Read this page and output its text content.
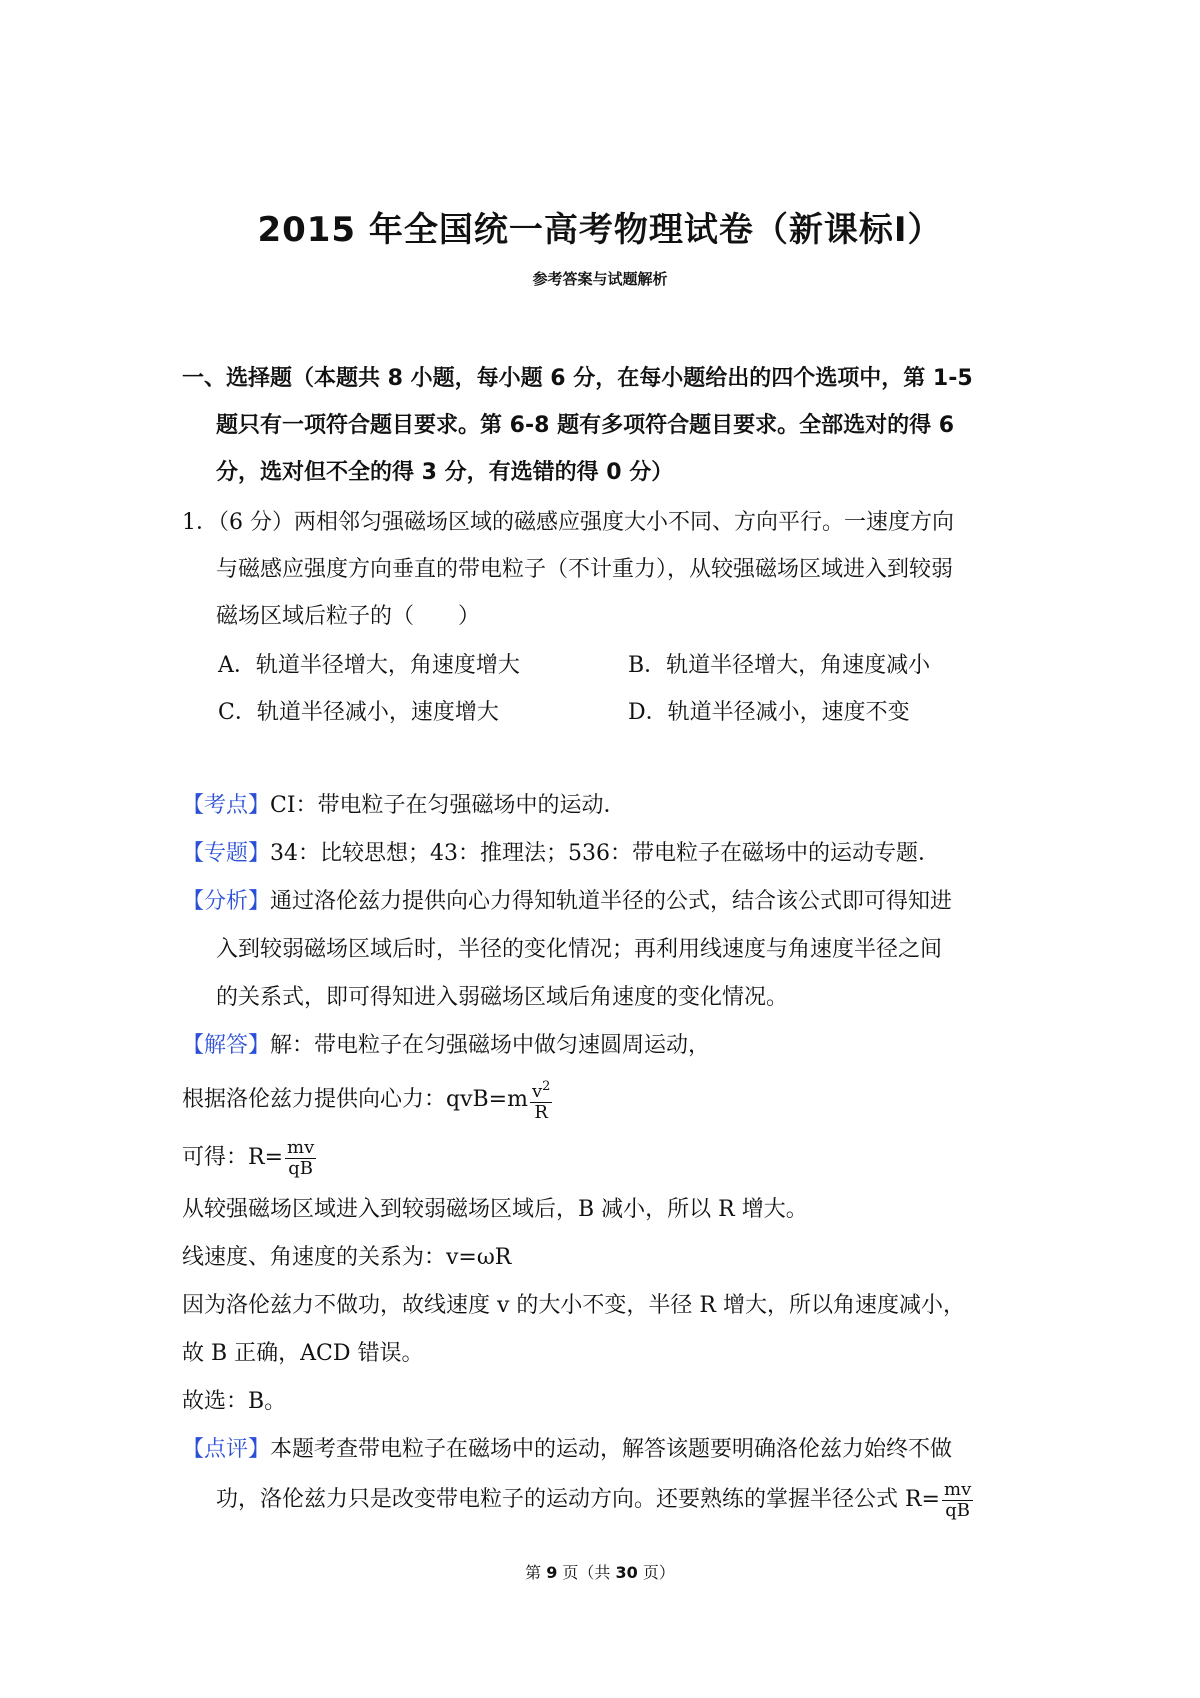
2015 年全国统一高考物理试卷（新课标Ⅰ）
参考答案与试题解析
一、选择题（本题共 8 小题，每小题 6 分，在每小题给出的四个选项中，第 1-5
题只有一项符合题目要求。第 6-8 题有多项符合题目要求。全部选对的得 6
分，选对但不全的得 3 分，有选错的得 0 分）
1．（6 分）两相邻匀强磁场区域的磁感应强度大小不同、方向平行。一速度方向
与磁感应强度方向垂直的带电粒子（不计重力），从较强磁场区域进入到较弱
磁场区域后粒子的（　　）
A．轨道半径增大，角速度增大	B．轨道半径增大，角速度减小
C．轨道半径减小，速度增大	D．轨道半径减小，速度不变
【考点】CI：带电粒子在匀强磁场中的运动．
【专题】34：比较思想；43：推理法；536：带电粒子在磁场中的运动专题．
【分析】通过洛伦兹力提供向心力得知轨道半径的公式，结合该公式即可得知进
入到较弱磁场区域后时，半径的变化情况；再利用线速度与角速度半径之间
的关系式，即可得知进入弱磁场区域后角速度的变化情况。
【解答】解：带电粒子在匀强磁场中做匀速圆周运动，
根据洛伦兹力提供向心力：$qvB=m \frac{v^2}{R}$
可得：$R= \frac{mv}{qB}$
从较强磁场区域进入到较弱磁场区域后，B 减小，所以 R 增大。
线速度、角速度的关系为：v=ωR
因为洛伦兹力不做功，故线速度 v 的大小不变，半径 R 增大，所以角速度减小，
故 B 正确，ACD 错误。
故选：B。
【点评】本题考查带电粒子在磁场中的运动，解答该题要明确洛伦兹力始终不做
功，洛伦兹力只是改变带电粒子的运动方向。还要熟练的掌握半径公式 $R= \frac{mv}{qB}$
第 9 页（共 30 页）
